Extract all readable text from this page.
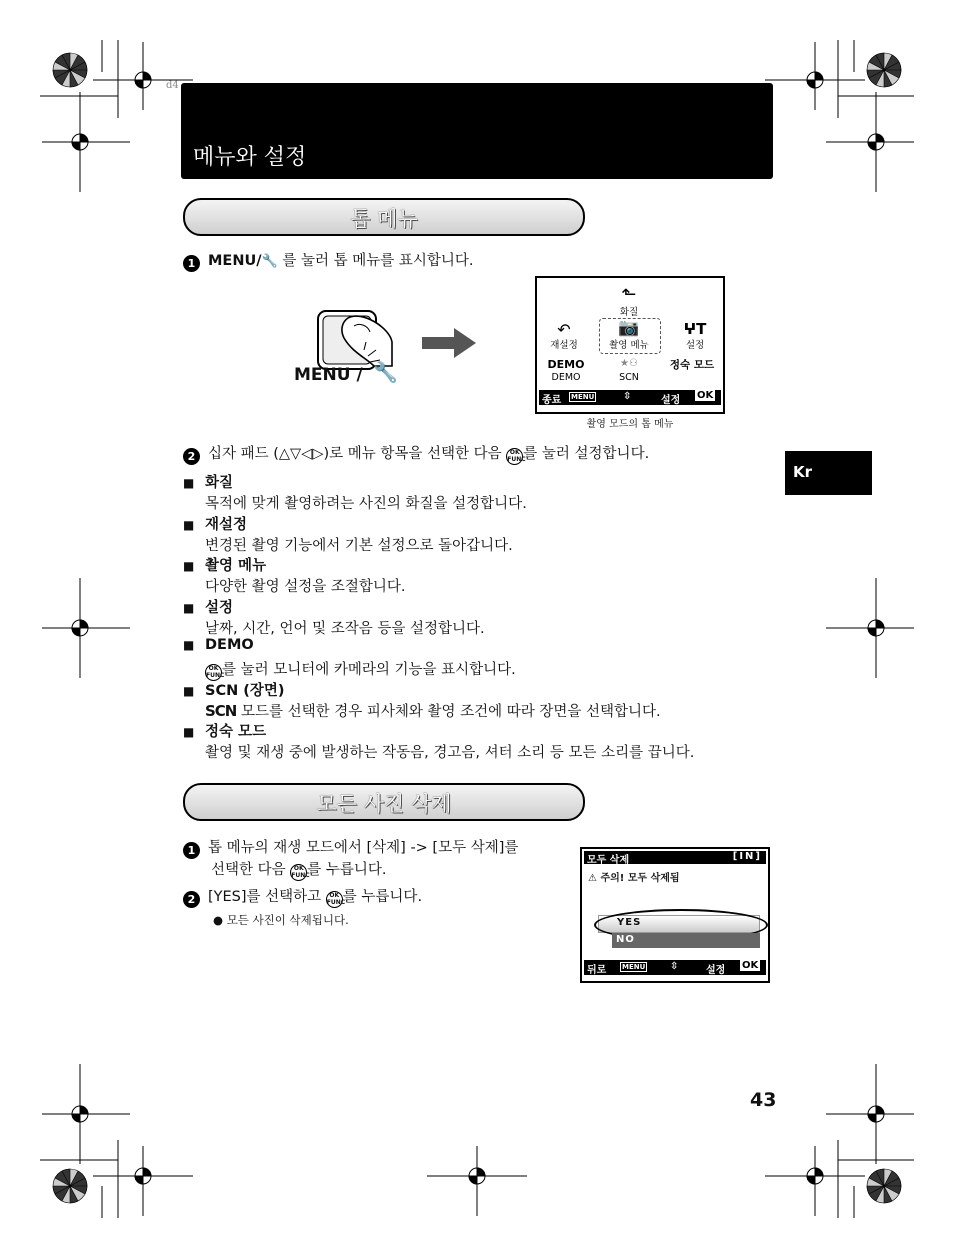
d4
메뉴와 설정
톱 메뉴
1 MENU/🔧 를 눌러 톱 메뉴를 표시합니다.
MENU / 🔧
⬑
화질
↶
재설정
📷
촬영 메뉴
ⵖT
설정
DEMO
DEMO
★⚇
SCN
정숙 모드
종료 MENU	⇳	설정 OK
촬영 모드의 톱 메뉴
2 십자 패드 (△▽◁▷)로 메뉴 항목을 선택한 다음 OK
FUNC를 눌러 설정합니다.
■ 화질
목적에 맞게 촬영하려는 사진의 화질을 설정합니다.
■ 재설정
변경된 촬영 기능에서 기본 설정으로 돌아갑니다.
■ 촬영 메뉴
다양한 촬영 설정을 조절합니다.
■ 설정
날짜, 시간, 언어 및 조작음 등을 설정합니다.
■ DEMO
OK
FUNC를 눌러 모니터에 카메라의 기능을 표시합니다.
■ SCN (장면)
SCN 모드를 선택한 경우 피사체와 촬영 조건에 따라 장면을 선택합니다.
■ 정숙 모드
촬영 및 재생 중에 발생하는 작동음, 경고음, 셔터 소리 등 모든 소리를 끕니다.
모든 사진 삭제
1 톱 메뉴의 재생 모드에서 [삭제] -> [모두 삭제]를
선택한 다음 OK
FUNC를 누릅니다.
2 [YES]를 선택하고 OK
FUNC를 누릅니다.
● 모든 사진이 삭제됩니다.
모두 삭제	[IN]
⚠ 주의! 모두 삭제됨
YES
NO
뒤로 MENU ⇳	설정 OK
Kr
43
